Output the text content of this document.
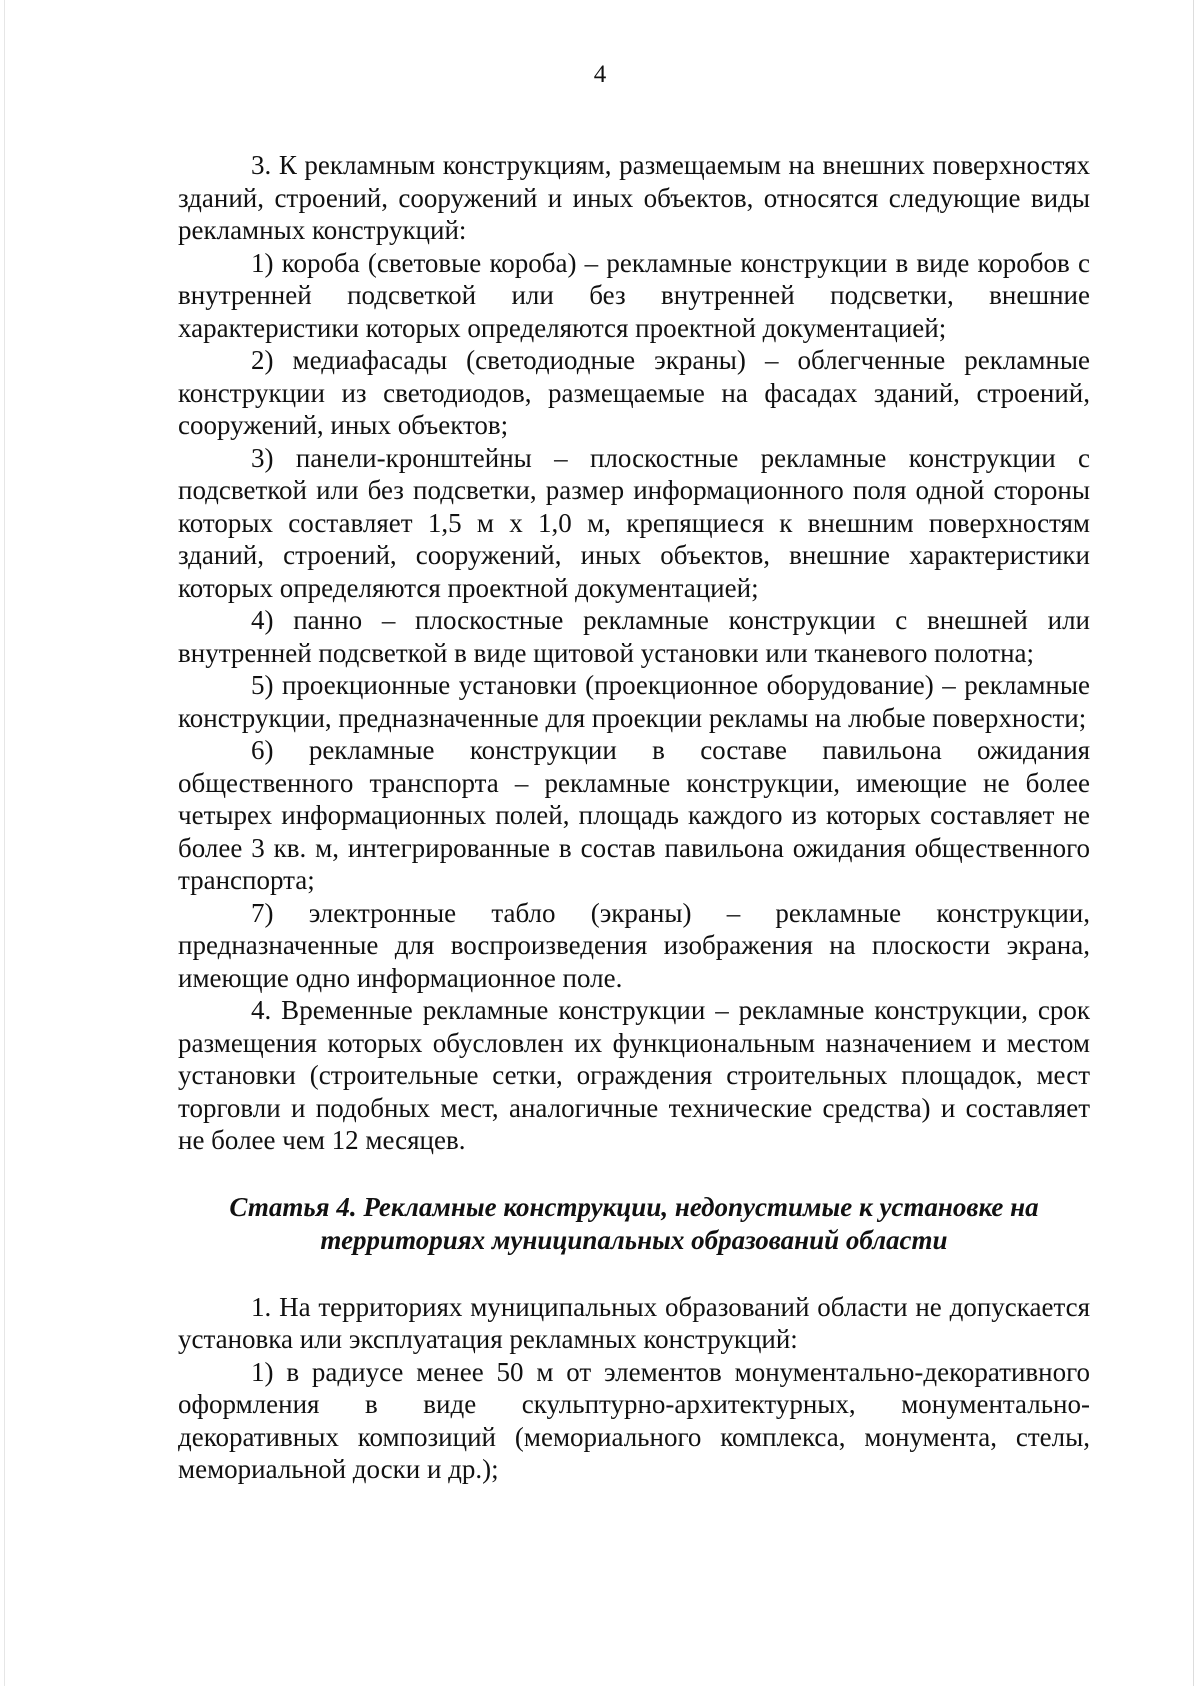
4

3. К рекламным конструкциям, размещаемым на внешних поверхностях зданий, строений, сооружений и иных объектов, относятся следующие виды рекламных конструкций:

1) короба (световые короба) – рекламные конструкции в виде коробов с внутренней подсветкой или без внутренней подсветки, внешние характеристики которых определяются проектной документацией;

2) медиафасады (светодиодные экраны) – облегченные рекламные конструкции из светодиодов, размещаемые на фасадах зданий, строений, сооружений, иных объектов;

3) панели-кронштейны – плоскостные рекламные конструкции с подсветкой или без подсветки, размер информационного поля одной стороны которых составляет 1,5 м х 1,0 м, крепящиеся к внешним поверхностям зданий, строений, сооружений, иных объектов, внешние характеристики которых определяются проектной документацией;

4) панно – плоскостные рекламные конструкции с внешней или внутренней подсветкой в виде щитовой установки или тканевого полотна;

5) проекционные установки (проекционное оборудование) – рекламные конструкции, предназначенные для проекции рекламы на любые поверхности;

6) рекламные конструкции в составе павильона ожидания общественного транспорта – рекламные конструкции, имеющие не более четырех информационных полей, площадь каждого из которых составляет не более 3 кв. м, интегрированные в состав павильона ожидания общественного транспорта;

7) электронные табло (экраны) – рекламные конструкции, предназначенные для воспроизведения изображения на плоскости экрана, имеющие одно информационное поле.

4. Временные рекламные конструкции – рекламные конструкции, срок размещения которых обусловлен их функциональным назначением и местом установки (строительные сетки, ограждения строительных площадок, мест торговли и подобных мест, аналогичные технические средства) и составляет не более чем 12 месяцев.

Статья 4. Рекламные конструкции, недопустимые к установке на
территориях муниципальных образований области

1. На территориях муниципальных образований области не допускается установка или эксплуатация рекламных конструкций:

1) в радиусе менее 50 м от элементов монументально-декоративного оформления в виде скульптурно-архитектурных, монументально-декоративных композиций (мемориального комплекса, монумента, стелы, мемориальной доски и др.);
